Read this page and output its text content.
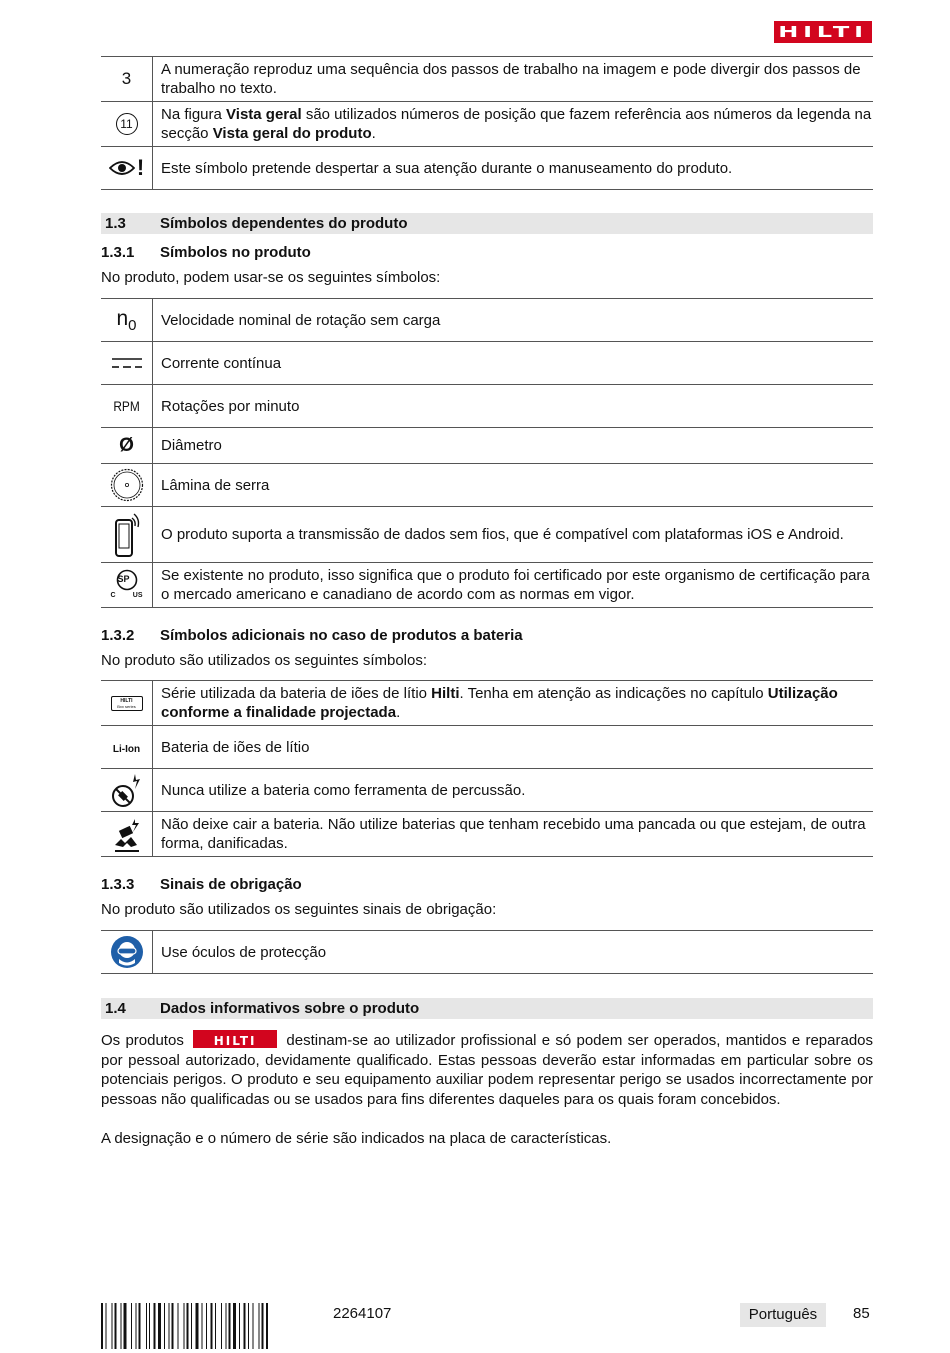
HILTI
3	A numeração reproduz uma sequência dos passos de trabalho na imagem e pode divergir dos passos de trabalho no texto.
11	Na figura Vista geral são utilizados números de posição que fazem referência aos números da legenda na secção Vista geral do produto.

!	Este símbolo pretende despertar a sua atenção durante o manuseamento do produto.
1.3 Símbolos dependentes do produto
1.3.1 Símbolos no produto
No produto, podem usar-se os seguintes símbolos:
n0	Velocidade nominal de rotação sem carga

	Corrente contínua
RPM	Rotações por minuto
Ø	Diâmetro

	Lâmina de serra

	O produto suporta a transmissão de dados sem fios, que é compatível com plataformas iOS e Android.

SP
C US	Se existente no produto, isso significa que o produto foi certificado por este organismo de certificação para o mercado americano e canadiano de acordo com as normas em vigor.
1.3.2 Símbolos adicionais no caso de produtos a bateria
No produto são utilizados os seguintes símbolos:
HILTI
Bxx series	Série utilizada da bateria de iões de lítio Hilti. Tenha em atenção as indicações no capítulo Utilização conforme a finalidade projectada.
Li-Ion	Bateria de iões de lítio

	Nunca utilize a bateria como ferramenta de percussão.

	Não deixe cair a bateria. Não utilize baterias que tenham recebido uma pancada ou que estejam, de outra forma, danificadas.
1.3.3 Sinais de obrigação
No produto são utilizados os seguintes sinais de obrigação:
	Use óculos de protecção
1.4 Dados informativos sobre o produto
Os produtos	HILTI	destinam-se ao utilizador profissional e só podem ser operados, mantidos e reparados por pessoal autorizado, devidamente qualificado. Estas pessoas deverão estar informadas em particular sobre os potenciais perigos. O produto e seu equipamento auxiliar podem representar perigo se usados incorrectamente por pessoas não qualificadas ou se usados para fins diferentes daqueles para os quais foram concebidos.
A designação e o número de série são indicados na placa de características.
2264107	Português	85
